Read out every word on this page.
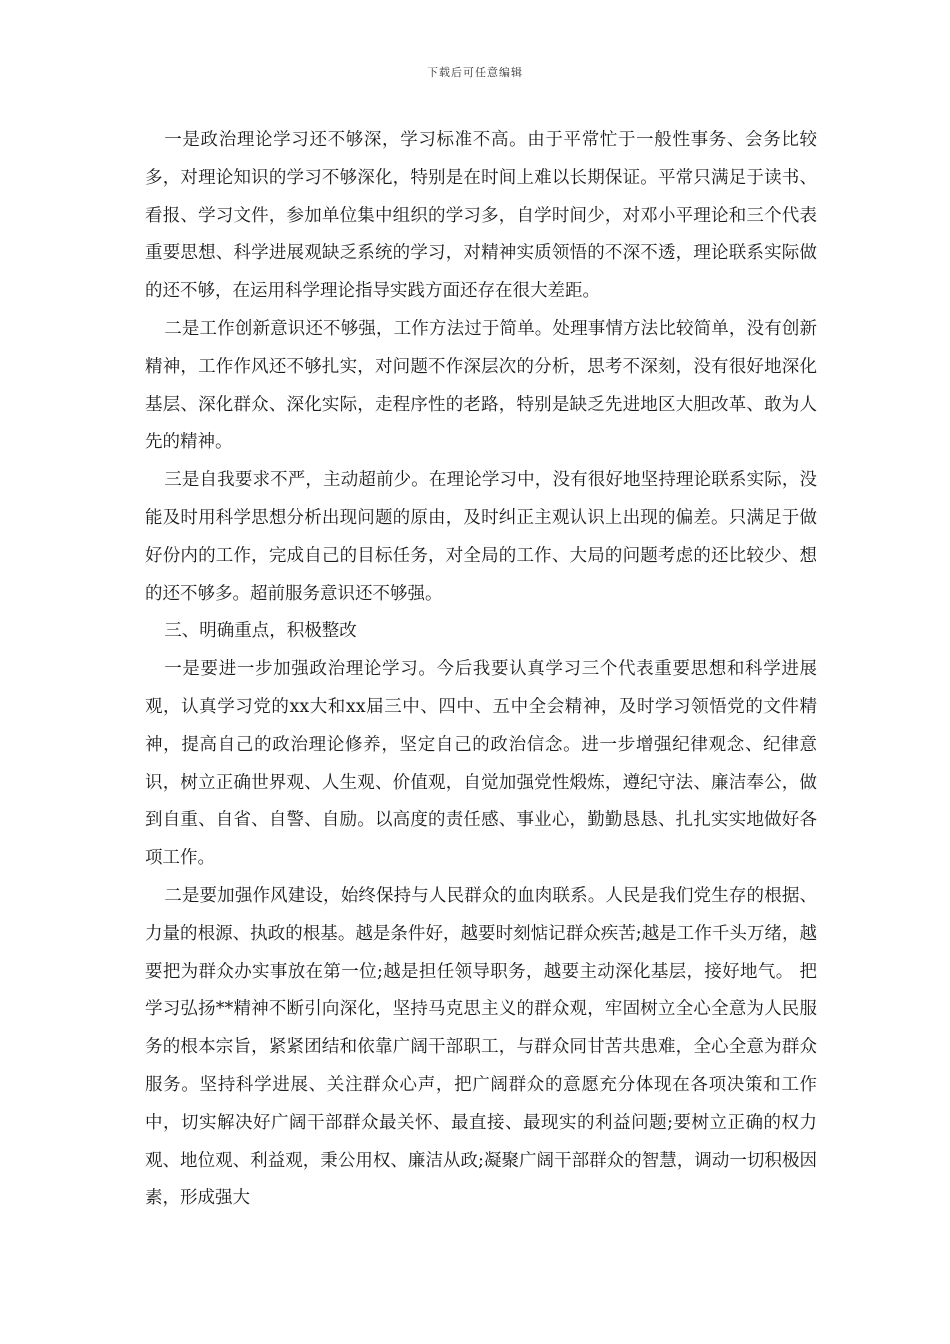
下载后可任意编辑

一是政治理论学习还不够深，学习标准不高。由于平常忙于一般性事务、会务比较多，对理论知识的学习不够深化，特别是在时间上难以长期保证。平常只满足于读书、看报、学习文件，参加单位集中组织的学习多，自学时间少，对邓小平理论和三个代表重要思想、科学进展观缺乏系统的学习，对精神实质领悟的不深不透，理论联系实际做的还不够，在运用科学理论指导实践方面还存在很大差距。

二是工作创新意识还不够强，工作方法过于简单。处理事情方法比较简单，没有创新精神，工作作风还不够扎实，对问题不作深层次的分析，思考不深刻，没有很好地深化基层、深化群众、深化实际，走程序性的老路，特别是缺乏先进地区大胆改革、敢为人先的精神。

三是自我要求不严，主动超前少。在理论学习中，没有很好地坚持理论联系实际，没能及时用科学思想分析出现问题的原由，及时纠正主观认识上出现的偏差。只满足于做好份内的工作，完成自己的目标任务，对全局的工作、大局的问题考虑的还比较少、想的还不够多。超前服务意识还不够强。

三、明确重点，积极整改

一是要进一步加强政治理论学习。今后我要认真学习三个代表重要思想和科学进展观，认真学习党的xx大和xx届三中、四中、五中全会精神，及时学习领悟党的文件精神，提高自己的政治理论修养，坚定自己的政治信念。进一步增强纪律观念、纪律意识，树立正确世界观、人生观、价值观，自觉加强党性煅炼，遵纪守法、廉洁奉公，做到自重、自省、自警、自励。以高度的责任感、事业心，勤勤恳恳、扎扎实实地做好各项工作。

二是要加强作风建设，始终保持与人民群众的血肉联系。人民是我们党生存的根据、力量的根源、执政的根基。越是条件好，越要时刻惦记群众疾苦;越是工作千头万绪，越要把为群众办实事放在第一位;越是担任领导职务，越要主动深化基层，接好地气。 把学习弘扬**精神不断引向深化，坚持马克思主义的群众观，牢固树立全心全意为人民服务的根本宗旨，紧紧团结和依靠广阔干部职工，与群众同甘苦共患难，全心全意为群众服务。坚持科学进展、关注群众心声，把广阔群众的意愿充分体现在各项决策和工作中，切实解决好广阔干部群众最关怀、最直接、最现实的利益问题;要树立正确的权力观、地位观、利益观，秉公用权、廉洁从政;凝聚广阔干部群众的智慧，调动一切积极因素，形成强大
